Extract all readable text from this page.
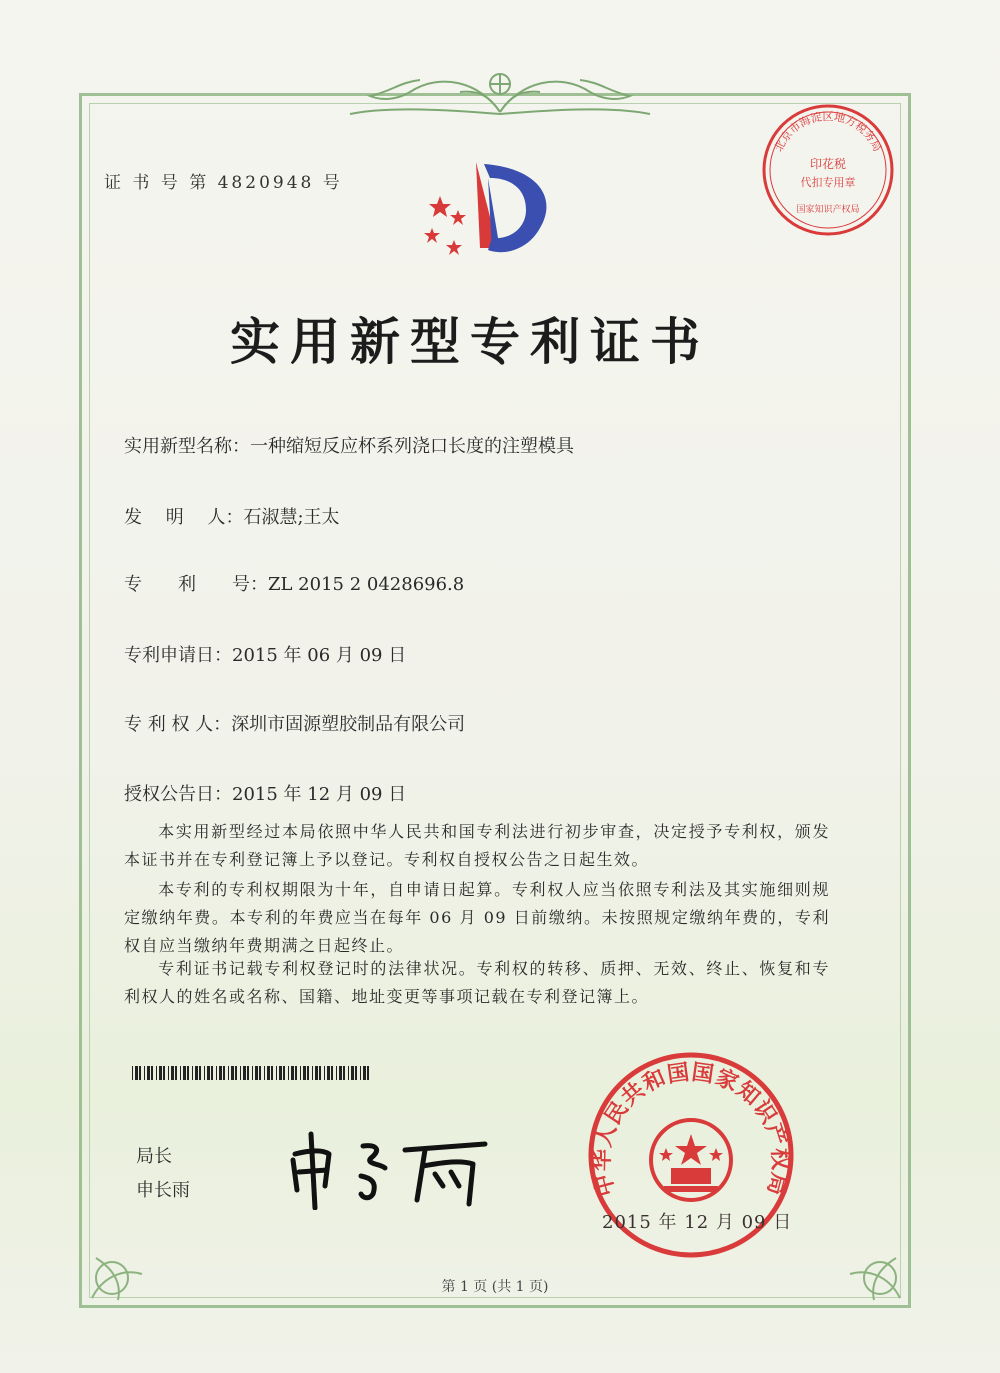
证 书 号 第 4820948 号
北京市海淀区地方税务局
印花税
代扣专用章
国家知识产权局
实用新型专利证书
实用新型名称：一种缩短反应杯系列浇口长度的注塑模具
发　 明　 人：石淑慧;王太
专　　利　　号：ZL 2015 2 0428696.8
专利申请日：2015 年 06 月 09 日
专 利 权 人：深圳市固源塑胶制品有限公司
授权公告日：2015 年 12 月 09 日
本实用新型经过本局依照中华人民共和国专利法进行初步审查，决定授予专利权，颁发本证书并在专利登记簿上予以登记。专利权自授权公告之日起生效。
本专利的专利权期限为十年，自申请日起算。专利权人应当依照专利法及其实施细则规定缴纳年费。本专利的年费应当在每年 06 月 09 日前缴纳。未按照规定缴纳年费的，专利权自应当缴纳年费期满之日起终止。
专利证书记载专利权登记时的法律状况。专利权的转移、质押、无效、终止、恢复和专利权人的姓名或名称、国籍、地址变更等事项记载在专利登记簿上。
局长
申长雨	中华人民共和国国家知识产权局
2015 年 12 月 09 日
第 1 页 (共 1 页)
